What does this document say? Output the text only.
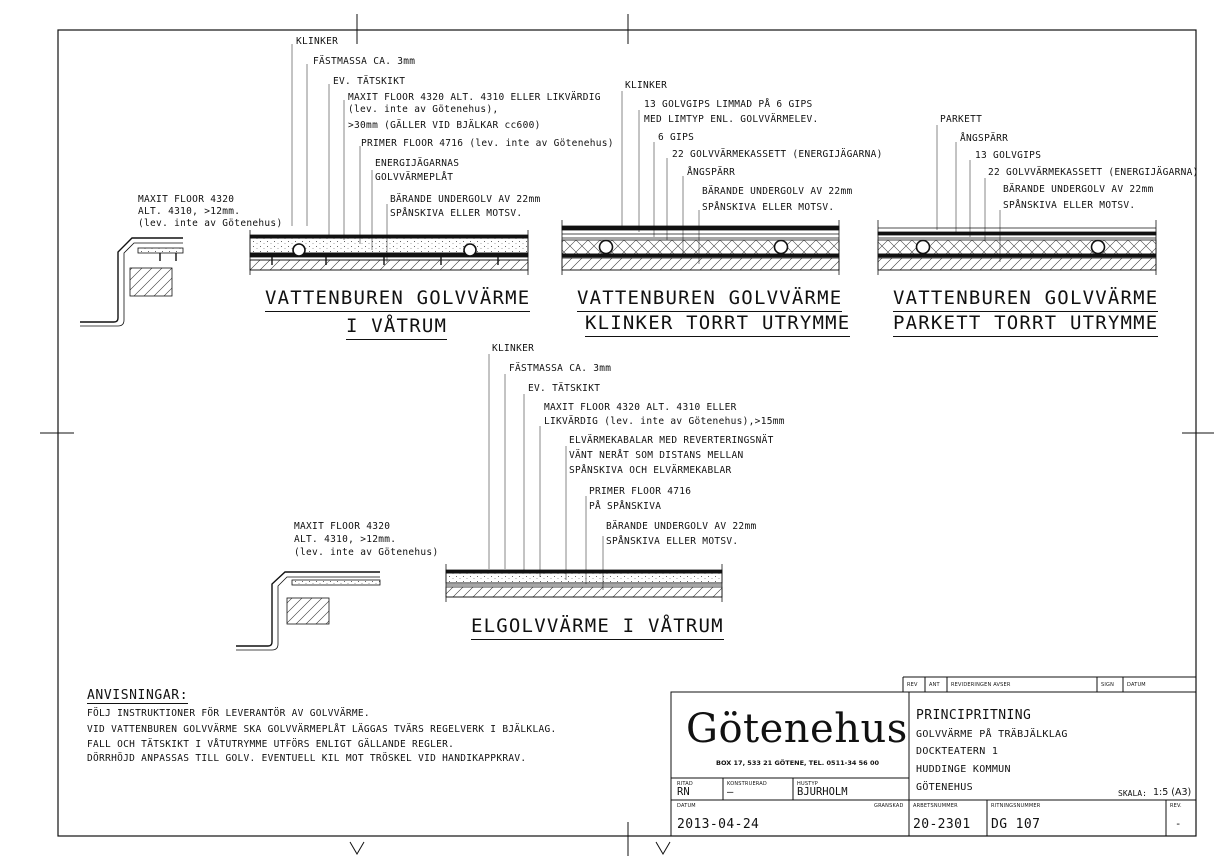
KLINKER
FÄSTMASSA CA. 3mm
EV. TÄTSKIKT
MAXIT FLOOR 4320 ALT. 4310 ELLER LIKVÄRDIG
(lev. inte av Götenehus),
>30mm (GÄLLER VID BJÄLKAR cc600)
PRIMER FLOOR 4716 (lev. inte av Götenehus)
ENERGIJÄGARNAS
GOLVVÄRMEPLÅT
BÄRANDE UNDERGOLV AV 22mm
SPÅNSKIVA ELLER MOTSV.
MAXIT FLOOR 4320
ALT. 4310, >12mm.
(lev. inte av Götenehus)
VATTENBUREN GOLVVÄRME
I VÅTRUM
KLINKER
13 GOLVGIPS LIMMAD PÅ 6 GIPS
MED LIMTYP ENL. GOLVVÄRMELEV.
6 GIPS
22 GOLVVÄRMEKASSETT (ENERGIJÄGARNA)
ÅNGSPÄRR
BÄRANDE UNDERGOLV AV 22mm
SPÅNSKIVA ELLER MOTSV.
VATTENBUREN GOLVVÄRME
KLINKER TORRT UTRYMME
PARKETT
ÅNGSPÄRR
13 GOLVGIPS
22 GOLVVÄRMEKASSETT (ENERGIJÄGARNA)
BÄRANDE UNDERGOLV AV 22mm
SPÅNSKIVA ELLER MOTSV.
VATTENBUREN GOLVVÄRME
PARKETT TORRT UTRYMME
KLINKER
FÄSTMASSA CA. 3mm
EV. TÄTSKIKT
MAXIT FLOOR 4320 ALT. 4310 ELLER
LIKVÄRDIG (lev. inte av Götenehus),>15mm
ELVÄRMEKABALAR MED REVERTERINGSNÄT
VÄNT NERÅT SOM DISTANS MELLAN
SPÅNSKIVA OCH ELVÄRMEKABLAR
PRIMER FLOOR 4716
PÅ SPÅNSKIVA
BÄRANDE UNDERGOLV AV 22mm
SPÅNSKIVA ELLER MOTSV.
MAXIT FLOOR 4320
ALT. 4310, >12mm.
(lev. inte av Götenehus)
ELGOLVVÄRME I VÅTRUM
ANVISNINGAR:
FÖLJ INSTRUKTIONER FÖR LEVERANTÖR AV GOLVVÄRME.
VID VATTENBUREN GOLVVÄRME SKA GOLVVÄRMEPLÅT LÄGGAS TVÄRS REGELVERK I BJÄLKLAG.
FALL OCH TÄTSKIKT I VÅTUTRYMME UTFÖRS ENLIGT GÄLLANDE REGLER.
DÖRRHÖJD ANPASSAS TILL GOLV. EVENTUELL KIL MOT TRÖSKEL VID HANDIKAPPKRAV.
REV ANT REVIDERINGEN AVSER	SIGN	DATUM
Götenehus
BOX 17, 533 21 GÖTENE, TEL. 0511-34 56 00
PRINCIPRITNING
GOLVVÄRME PÅ TRÄBJÄLKLAG
DOCKTEATERN 1
HUDDINGE KOMMUN
GÖTENEHUS
RITAD
RN
KONSTRUERAD
–
HUSTYP
BJURHOLM
DATUM	GRANSKAD
2013-04-24
ARBETSNUMMER
20-2301
RITNINGSNUMMER
DG 107
REV.
-
SKALA: 1:5 (A3)
